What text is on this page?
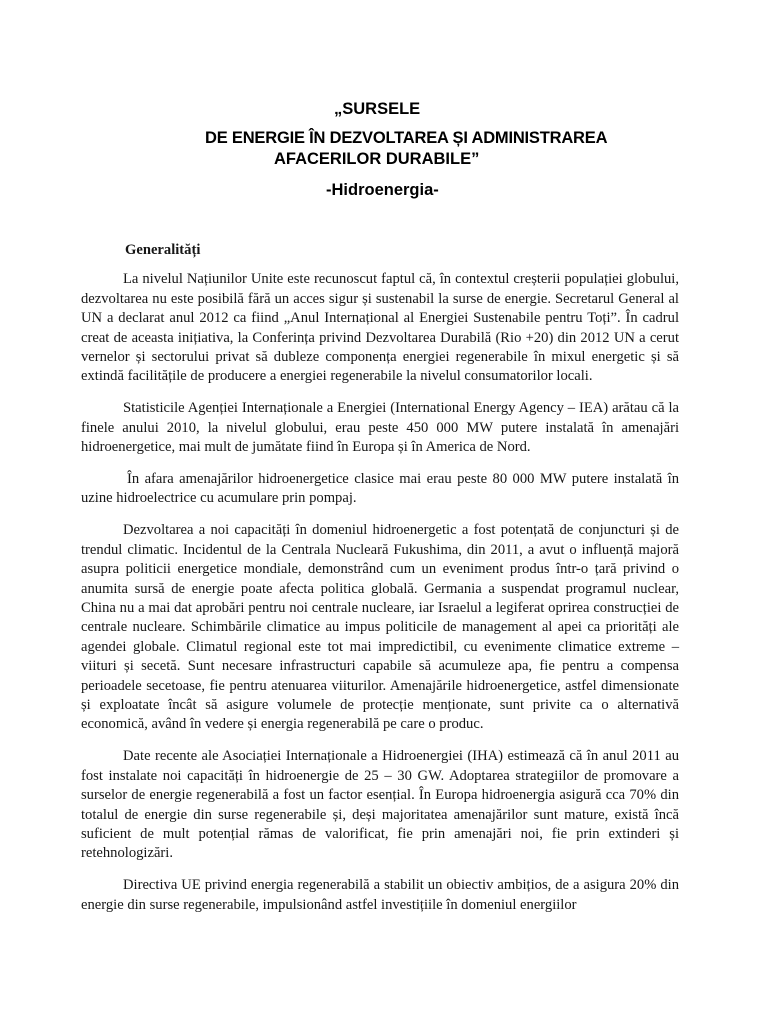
„SURSELE
DE ENERGIE ÎN DEZVOLTAREA ȘI ADMINISTRAREA
AFACERILOR DURABILE”
-Hidroenergia-
Generalități

La nivelul Națiunilor Unite este recunoscut faptul că, în contextul creșterii populației globului, dezvoltarea nu este posibilă fără un acces sigur și sustenabil la surse de energie. Secretarul General al UN a declarat anul 2012 ca fiind „Anul Internațional al Energiei Sustenabile pentru Toți”. În cadrul creat de aceasta inițiativa, la Conferința privind Dezvoltarea Durabilă (Rio +20) din 2012 UN a cerut vernelor și sectorului privat să dubleze componența energiei regenerabile în mixul energetic și să extindă facilitățile de producere a energiei regenerabile la nivelul consumatorilor locali.

Statisticile Agenției Internaționale a Energiei (International Energy Agency – IEA) arătau că la finele anului 2010, la nivelul globului, erau peste 450 000 MW putere instalată în amenajări hidroenergetice, mai mult de jumătate fiind în Europa și în America de Nord.

În afara amenajărilor hidroenergetice clasice mai erau peste 80 000 MW putere instalată în uzine hidroelectrice cu acumulare prin pompaj.

Dezvoltarea a noi capacități în domeniul hidroenergetic a fost potențată de conjuncturi și de trendul climatic. Incidentul de la Centrala Nucleară Fukushima, din 2011, a avut o influență majoră asupra politicii energetice mondiale, demonstrând cum un eveniment produs într-o țară privind o anumita sursă de energie poate afecta politica globală. Germania a suspendat programul nuclear, China nu a mai dat aprobări pentru noi centrale nucleare, iar Israelul a legiferat oprirea construcției de centrale nucleare. Schimbările climatice au impus politicile de management al apei ca priorități ale agendei globale. Climatul regional este tot mai impredictibil, cu evenimente climatice extreme – viituri și secetă. Sunt necesare infrastructuri capabile să acumuleze apa, fie pentru a compensa perioadele secetoase, fie pentru atenuarea viiturilor. Amenajările hidroenergetice, astfel dimensionate și exploatate încât să asigure volumele de protecție menționate, sunt privite ca o alternativă economică, având în vedere și energia regenerabilă pe care o produc.

Date recente ale Asociației Internaționale a Hidroenergiei (IHA) estimează că în anul 2011 au fost instalate noi capacități în hidroenergie de 25 – 30 GW. Adoptarea strategiilor de promovare a surselor de energie regenerabilă a fost un factor esențial. În Europa hidroenergia asigură cca 70% din totalul de energie din surse regenerabile și, deși majoritatea amenajărilor sunt mature, există încă suficient de mult potențial rămas de valorificat, fie prin amenajări noi, fie prin extinderi și retehnologizări.

Directiva UE privind energia regenerabilă a stabilit un obiectiv ambițios, de a asigura 20% din energie din surse regenerabile, impulsionând astfel investițiile în domeniul energiilor
